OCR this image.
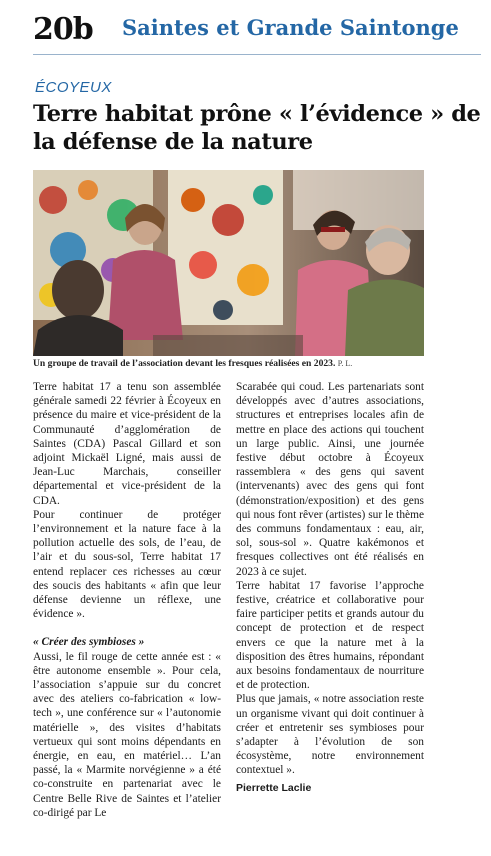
20b Saintes et Grande Saintonge
ÉCOYEUX
Terre habitat prône « l’évidence » de la défense de la nature
Un groupe de travail de l’association devant les fresques réalisées en 2023. P. L.

Terre habitat 17 a tenu son assemblée générale samedi 22 février à Écoyeux en présence du maire et vice-président de la Communauté d’agglomération de Saintes (CDA) Pascal Gillard et son adjoint Mickaël Ligné, mais aussi de Jean-Luc Marchais, conseiller départemental et vice-président de la CDA.

Pour continuer de protéger l’environnement et la nature face à la pollution actuelle des sols, de l’eau, de l’air et du sous-sol, Terre habitat 17 entend replacer ces richesses au cœur des soucis des habitants « afin que leur défense devienne un réflexe, une évidence ».

« Créer des symbioses »

Aussi, le fil rouge de cette année est : « être autonome ensemble ». Pour cela, l’association s’appuie sur du concret avec des ateliers co-fabrication « low-tech », une conférence sur « l’autonomie matérielle », des visites d’habitats vertueux qui sont moins dépendants en énergie, en eau, en matériel… L’an passé, la « Marmite norvégienne » a été co-construite en partenariat avec le Centre Belle Rive de Saintes et l’atelier co-dirigé par Le

Scarabée qui coud. Les partenariats sont développés avec d’autres associations, structures et entreprises locales afin de mettre en place des actions qui touchent un large public. Ainsi, une journée festive début octobre à Écoyeux rassemblera « des gens qui savent (intervenants) avec des gens qui font (démonstration/exposition) et des gens qui nous font rêver (artistes) sur le thème des communs fondamentaux : eau, air, sol, sous-sol ». Quatre kakémonos et fresques collectives ont été réalisés en 2023 à ce sujet.

Terre habitat 17 favorise l’approche festive, créatrice et collaborative pour faire participer petits et grands autour du concept de protection et de respect envers ce que la nature met à la disposition des êtres humains, répondant aux besoins fondamentaux de nourriture et de protection.

Plus que jamais, « notre association reste un organisme vivant qui doit continuer à créer et entretenir ses symbioses pour s’adapter à l’évolution de son écosystème, notre environnement contextuel ».

Pierrette Laclie
